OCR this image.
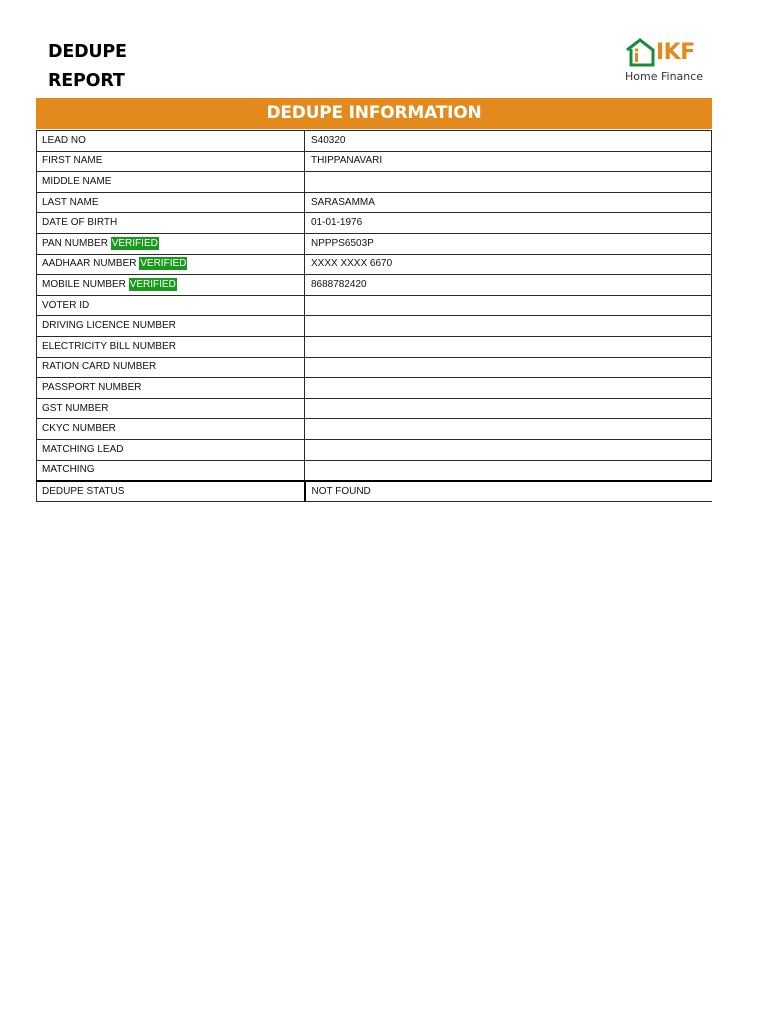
DEDUPE
REPORT
IKF
Home Finance
DEDUPE INFORMATION
LEAD NO	S40320
FIRST NAME	THIPPANAVARI
MIDDLE NAME	
LAST NAME	SARASAMMA
DATE OF BIRTH	01-01-1976
PAN NUMBER VERIFIED	NPPPS6503P
AADHAAR NUMBER VERIFIED	XXXX XXXX 6670
MOBILE NUMBER VERIFIED	8688782420
VOTER ID	
DRIVING LICENCE NUMBER	
ELECTRICITY BILL NUMBER	
RATION CARD NUMBER	
PASSPORT NUMBER	
GST NUMBER	
CKYC NUMBER	
MATCHING LEAD	
MATCHING	
DEDUPE STATUS	NOT FOUND
